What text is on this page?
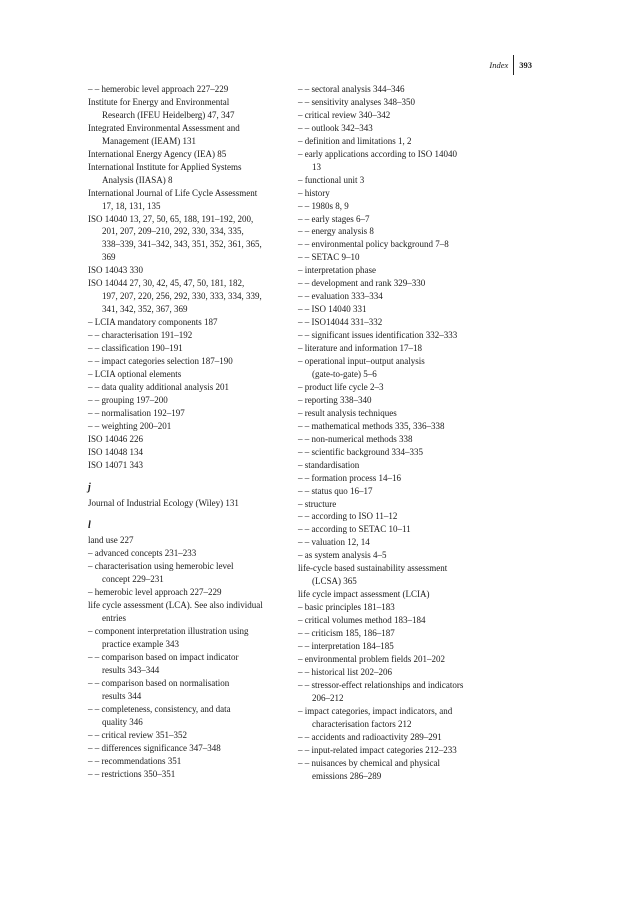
Index	393

– – hemerobic level approach 227–229

Institute for Energy and Environmental

Research (IFEU Heidelberg) 47, 347

Integrated Environmental Assessment and

Management (IEAM) 131

International Energy Agency (IEA) 85

International Institute for Applied Systems

Analysis (IIASA) 8

International Journal of Life Cycle Assessment

17, 18, 131, 135

ISO 14040 13, 27, 50, 65, 188, 191–192, 200,

201, 207, 209–210, 292, 330, 334, 335,

338–339, 341–342, 343, 351, 352, 361, 365,

369

ISO 14043 330

ISO 14044 27, 30, 42, 45, 47, 50, 181, 182,

197, 207, 220, 256, 292, 330, 333, 334, 339,

341, 342, 352, 367, 369

– LCIA mandatory components 187

– – characterisation 191–192

– – classification 190–191

– – impact categories selection 187–190

– LCIA optional elements

– – data quality additional analysis 201

– – grouping 197–200

– – normalisation 192–197

– – weighting 200–201

ISO 14046 226

ISO 14048 134

ISO 14071 343

j

Journal of Industrial Ecology (Wiley) 131

l

land use 227

– advanced concepts 231–233

– characterisation using hemerobic level

concept 229–231

– hemerobic level approach 227–229

life cycle assessment (LCA). See also individual

entries

– component interpretation illustration using

practice example 343

– – comparison based on impact indicator

results 343–344

– – comparison based on normalisation

results 344

– – completeness, consistency, and data

quality 346

– – critical review 351–352

– – differences significance 347–348

– – recommendations 351

– – restrictions 350–351

– – sectoral analysis 344–346

– – sensitivity analyses 348–350

– critical review 340–342

– – outlook 342–343

– definition and limitations 1, 2

– early applications according to ISO 14040

13

– functional unit 3

– history

– – 1980s 8, 9

– – early stages 6–7

– – energy analysis 8

– – environmental policy background 7–8

– – SETAC 9–10

– interpretation phase

– – development and rank 329–330

– – evaluation 333–334

– – ISO 14040 331

– – ISO14044 331–332

– – significant issues identification 332–333

– literature and information 17–18

– operational input–output analysis

(gate-to-gate) 5–6

– product life cycle 2–3

– reporting 338–340

– result analysis techniques

– – mathematical methods 335, 336–338

– – non-numerical methods 338

– – scientific background 334–335

– standardisation

– – formation process 14–16

– – status quo 16–17

– structure

– – according to ISO 11–12

– – according to SETAC 10–11

– – valuation 12, 14

– as system analysis 4–5

life-cycle based sustainability assessment

(LCSA) 365

life cycle impact assessment (LCIA)

– basic principles 181–183

– critical volumes method 183–184

– – criticism 185, 186–187

– – interpretation 184–185

– environmental problem fields 201–202

– – historical list 202–206

– – stressor-effect relationships and indicators

206–212

– impact categories, impact indicators, and

characterisation factors 212

– – accidents and radioactivity 289–291

– – input-related impact categories 212–233

– – nuisances by chemical and physical

emissions 286–289
